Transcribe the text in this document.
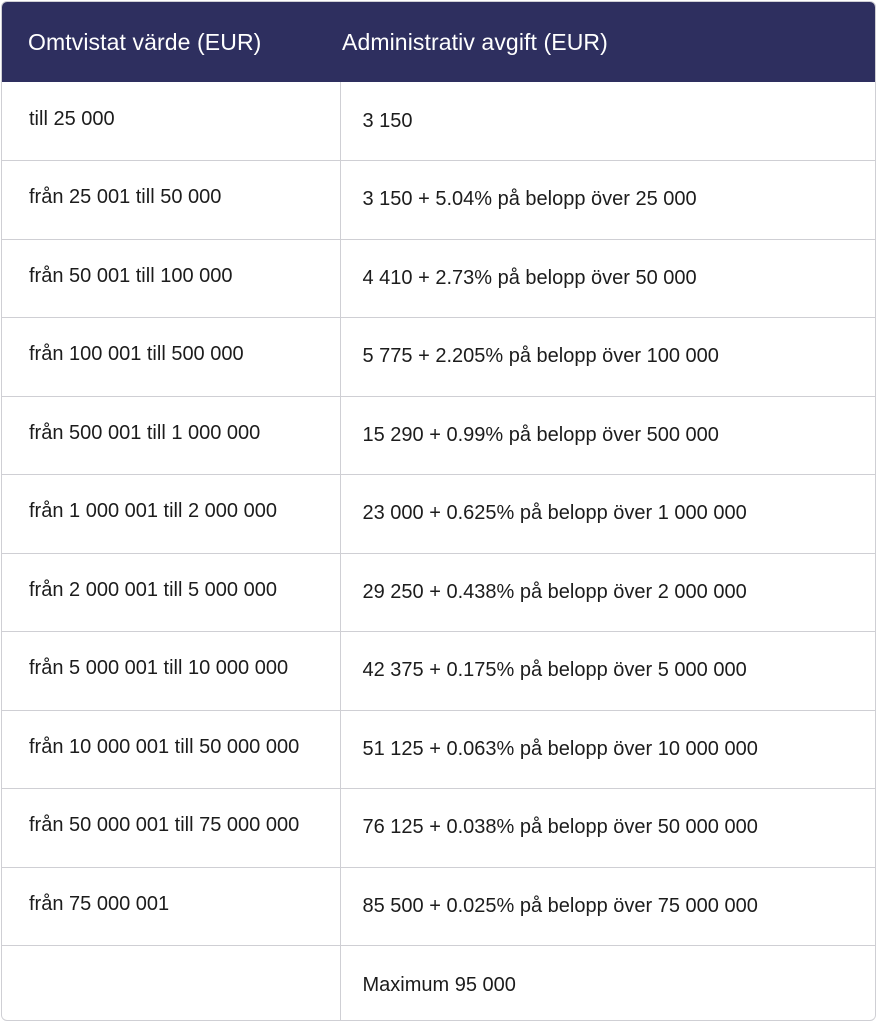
Omtvistat värde (EUR)	Administrativ avgift (EUR)
till 25 000	3 150
från 25 001 till 50 000	3 150 + 5.04% på belopp över 25 000
från 50 001 till 100 000	4 410 + 2.73% på belopp över 50 000
från 100 001 till 500 000	5 775 + 2.205% på belopp över 100 000
från 500 001 till 1 000 000	15 290 + 0.99% på belopp över 500 000
från 1 000 001 till 2 000 000	23 000 + 0.625% på belopp över 1 000 000
från 2 000 001 till 5 000 000	29 250 + 0.438% på belopp över 2 000 000
från 5 000 001 till 10 000 000	42 375 + 0.175% på belopp över 5 000 000
från 10 000 001 till 50 000 000	51 125 + 0.063% på belopp över 10 000 000
från 50 000 001 till 75 000 000	76 125 + 0.038% på belopp över 50 000 000
från 75 000 001	85 500 + 0.025% på belopp över 75 000 000
	Maximum 95 000
